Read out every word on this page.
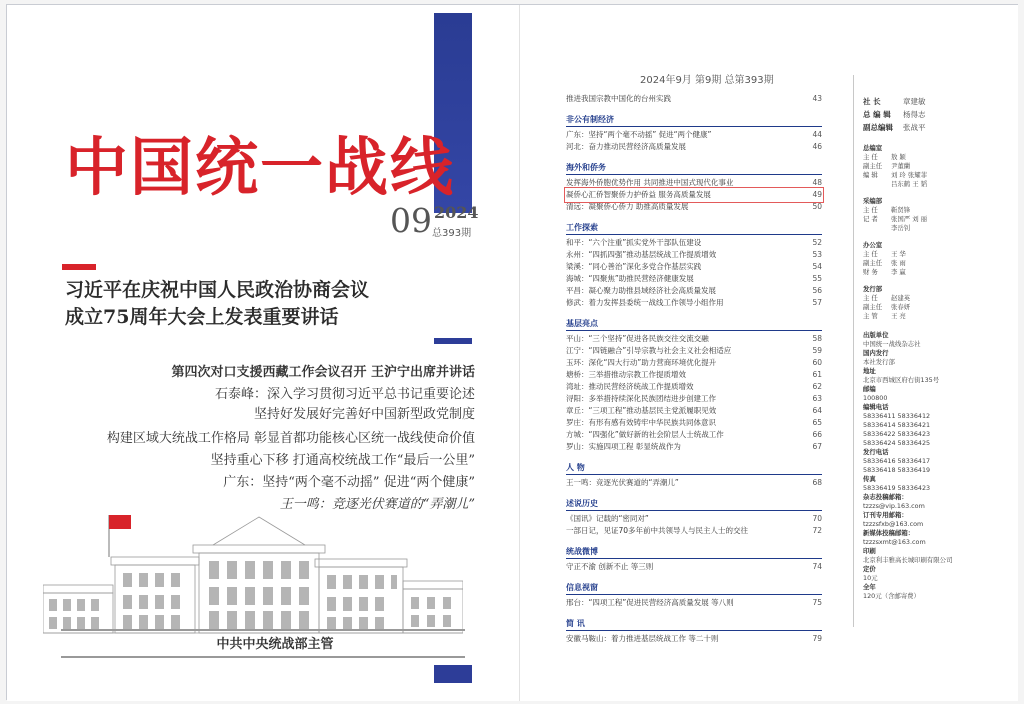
中国统一战线
09 2024
总393期
习近平在庆祝中国人民政治协商会议
成立75周年大会上发表重要讲话
第四次对口支援西藏工作会议召开 王沪宁出席并讲话
石泰峰：深入学习贯彻习近平总书记重要论述
坚持好发展好完善好中国新型政党制度
构建区域大统战工作格局 彰显首都功能核心区统一战线使命价值
坚持重心下移 打通高校统战工作“最后一公里”
广东：坚持“两个毫不动摇” 促进“两个健康”
王一鸣：竞逐光伏赛道的“弄潮儿”
中共中央统战部主管
2024年9月 第9期 总第393期
推进我国宗教中国化的台州实践	43
非公有制经济
广东：坚持“两个毫不动摇” 促进“两个健康”	44
河北：奋力推动民营经济高质量发展	46
海外和侨务
发挥海外侨胞优势作用 共同推进中国式现代化事业	48
凝侨心汇侨智聚侨力护侨益 服务高质量发展	49
清远：凝聚侨心侨力 助推高质量发展	50
工作探索
和平：“六个注重”抓实党外干部队伍建设	52
永州：“四抓四强”推动基层统战工作提质增效	53
梁溪：“同心善治”深化多党合作基层实践	54
海城：“四聚焦”助推民营经济健康发展	55
平昌：凝心聚力助推县域经济社会高质量发展	56
修武：着力发挥县委统一战线工作领导小组作用	57
基层亮点
平山：“三个坚持”促进各民族交往交流交融	58
江宁：“四链融合”引导宗教与社会主义社会相适应	59
玉环：深化“四大行动”助力营商环境优化提升	60
塘桥：三举措推动宗教工作提质增效	61
湾址：推动民营经济统战工作提质增效	62
浔阳：多举措持续深化民族团结进步创建工作	63
章丘：“三项工程”推动基层民主党派履职见效	64
罗庄：有形有感有效铸牢中华民族共同体意识	65
方城：“四强化”做好新的社会阶层人士统战工作	66
罗山：实施四项工程 彰显统战作为	67
人 物
王一鸣：竞逐光伏赛道的“弄潮儿”	68
述说历史
《国讯》记载的“密同对”	70
一部日记，见证70多年前中共领导人与民主人士的交往	72
统战微博
守正不渝 创新不止 等三则	74
信息视窗
邢台：“四项工程”促进民营经济高质量发展 等八则	75
简 讯
安徽马鞍山：着力推进基层统战工作 等二十则	79
社 长	章建敏
总 编 辑	杨得志
副总编辑	张战平
总编室
主 任	敖 颖
副主任	尹董蘭
编 辑	刘 玲 张耀菲
吕东鹤 王 韬
采编部
主 任	靳贤锋
记 者	张国严 刘 丽
李岳钊
办公室
主 任	王 华
副主任	张 雨
财 务	李 赢
发行部
主 任	赵建英
副主任	张春妍
主 管	王 亮
出版单位
中国统一战线杂志社
国内发行
本社发行部
地址
北京市西城区府右街135号
邮编
100800
编辑电话
58336411 58336412
58336414 58336421
58336422 58336423
58336424 58336425
发行电话
58336416 58336417
58336418 58336419
传真
58336419 58336423
杂志投稿邮箱：
tzzzs@vip.163.com
订刊专用邮箱：
tzzzsfxb@163.com
新媒体投稿邮箱：
tzzzsxmt@163.com
印刷
北京利丰雅高长城印刷有限公司
定价
10元
全年
120元（含邮寄费）
